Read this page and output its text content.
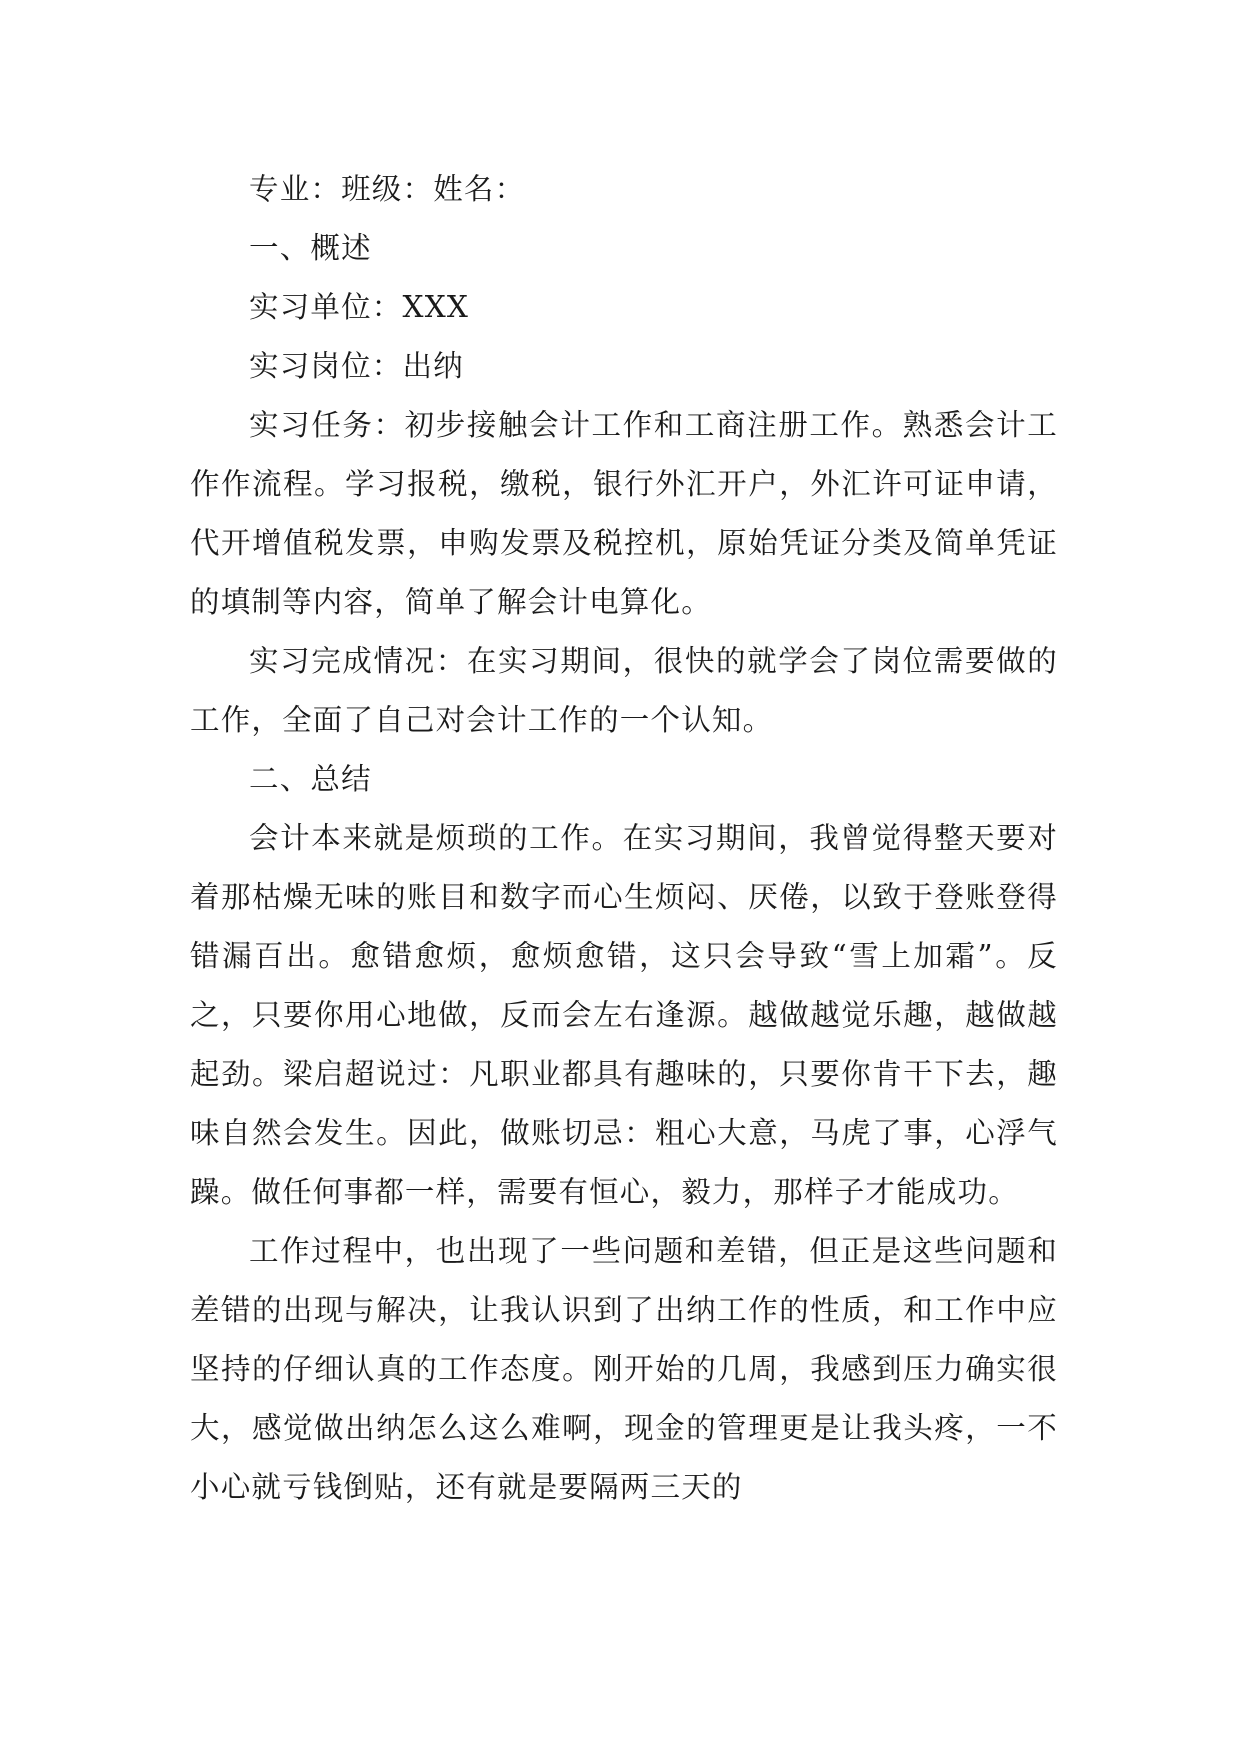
专业：班级：姓名：

一、概述

实习单位：XXX

实习岗位：出纳

实习任务：初步接触会计工作和工商注册工作。熟悉会计工作作流程。学习报税，缴税，银行外汇开户，外汇许可证申请，代开增值税发票，申购发票及税控机，原始凭证分类及简单凭证的填制等内容，简单了解会计电算化。

实习完成情况：在实习期间，很快的就学会了岗位需要做的工作，全面了自己对会计工作的一个认知。

二、总结

会计本来就是烦琐的工作。在实习期间，我曾觉得整天要对着那枯燥无味的账目和数字而心生烦闷、厌倦，以致于登账登得错漏百出。愈错愈烦，愈烦愈错，这只会导致“雪上加霜”。反之，只要你用心地做，反而会左右逢源。越做越觉乐趣，越做越起劲。梁启超说过：凡职业都具有趣味的，只要你肯干下去，趣味自然会发生。因此，做账切忌：粗心大意，马虎了事，心浮气躁。做任何事都一样，需要有恒心，毅力，那样子才能成功。

工作过程中，也出现了一些问题和差错，但正是这些问题和差错的出现与解决，让我认识到了出纳工作的性质，和工作中应坚持的仔细认真的工作态度。刚开始的几周，我感到压力确实很大，感觉做出纳怎么这么难啊，现金的管理更是让我头疼，一不小心就亏钱倒贴，还有就是要隔两三天的
